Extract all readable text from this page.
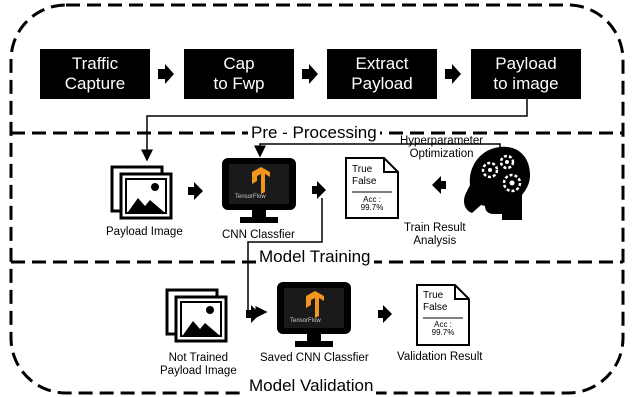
Traffic
Capture
Cap
to Fwp
Extract
Payload
Payload
to image
Pre - Processing
Model Training
Model Validation
Payload Image	CNN Classfier
Hyperparameter
Optimization
Train Result
Analysis
TensorFlow
True
False
Acc :
99.7%
Not Trained
Payload Image
Saved CNN Classfier Validation Result
TensorFlow
True
False
Acc :
99.7%
